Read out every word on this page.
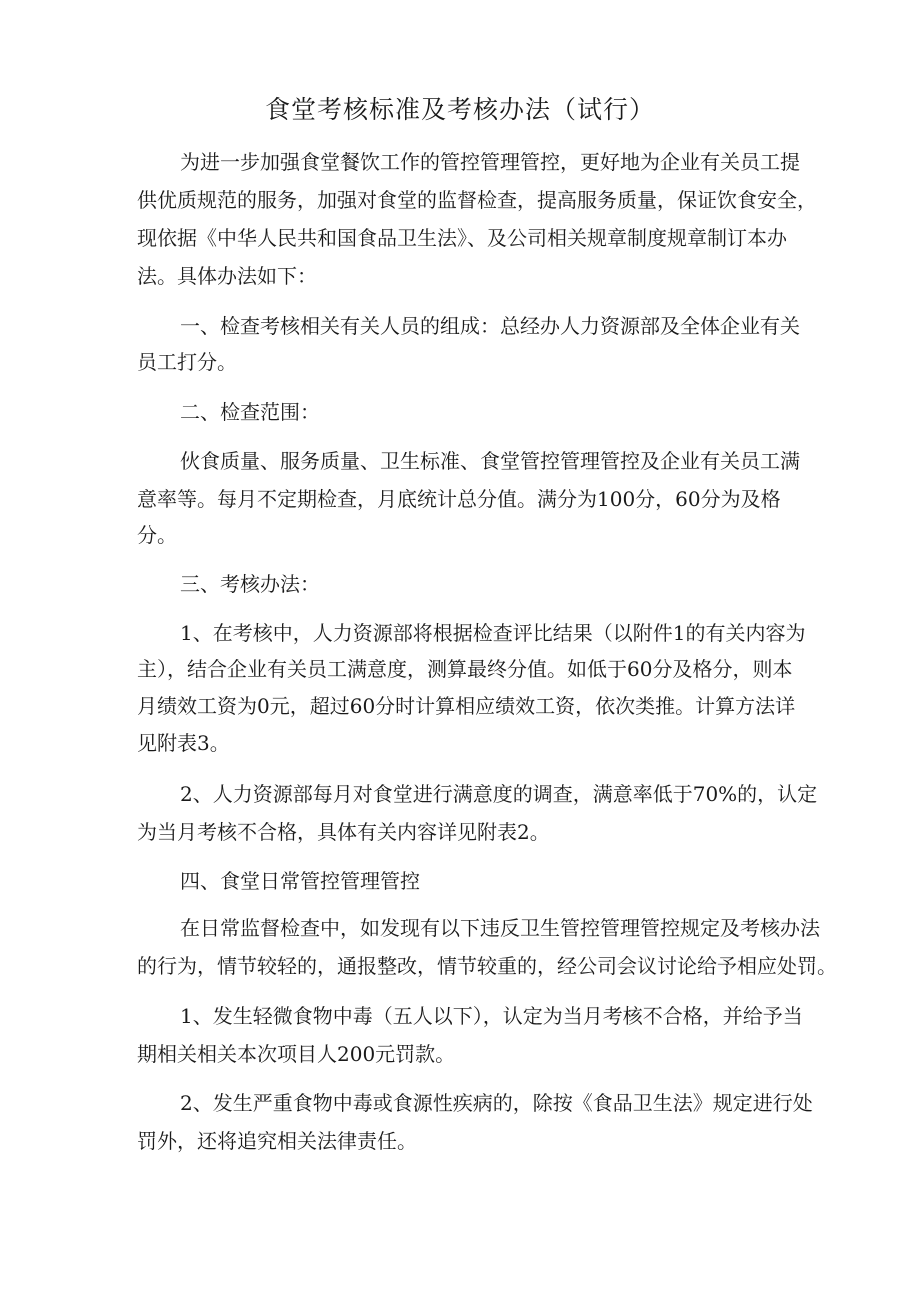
食堂考核标准及考核办法（试行）
为进一步加强食堂餐饮工作的管控管理管控，更好地为企业有关员工提
供优质规范的服务，加强对食堂的监督检查，提高服务质量，保证饮食安全，
现依据《中华人民共和国食品卫生法》、及公司相关规章制度规章制订本办
法。具体办法如下：
一、检查考核相关有关人员的组成：总经办人力资源部及全体企业有关
员工打分。
二、检查范围：
伙食质量、服务质量、卫生标准、食堂管控管理管控及企业有关员工满
意率等。每月不定期检查，月底统计总分值。满分为100分，60分为及格
分。
三、考核办法：
1、在考核中，人力资源部将根据检查评比结果（以附件1的有关内容为
主），结合企业有关员工满意度，测算最终分值。如低于60分及格分，则本
月绩效工资为0元，超过60分时计算相应绩效工资，依次类推。计算方法详
见附表3。
2、人力资源部每月对食堂进行满意度的调查，满意率低于70%的，认定
为当月考核不合格，具体有关内容详见附表2。
四、食堂日常管控管理管控
在日常监督检查中，如发现有以下违反卫生管控管理管控规定及考核办法
的行为，情节较轻的，通报整改，情节较重的，经公司会议讨论给予相应处罚。
1、发生轻微食物中毒（五人以下），认定为当月考核不合格，并给予当
期相关相关本次项目人200元罚款。
2、发生严重食物中毒或食源性疾病的，除按《食品卫生法》规定进行处
罚外，还将追究相关法律责任。
